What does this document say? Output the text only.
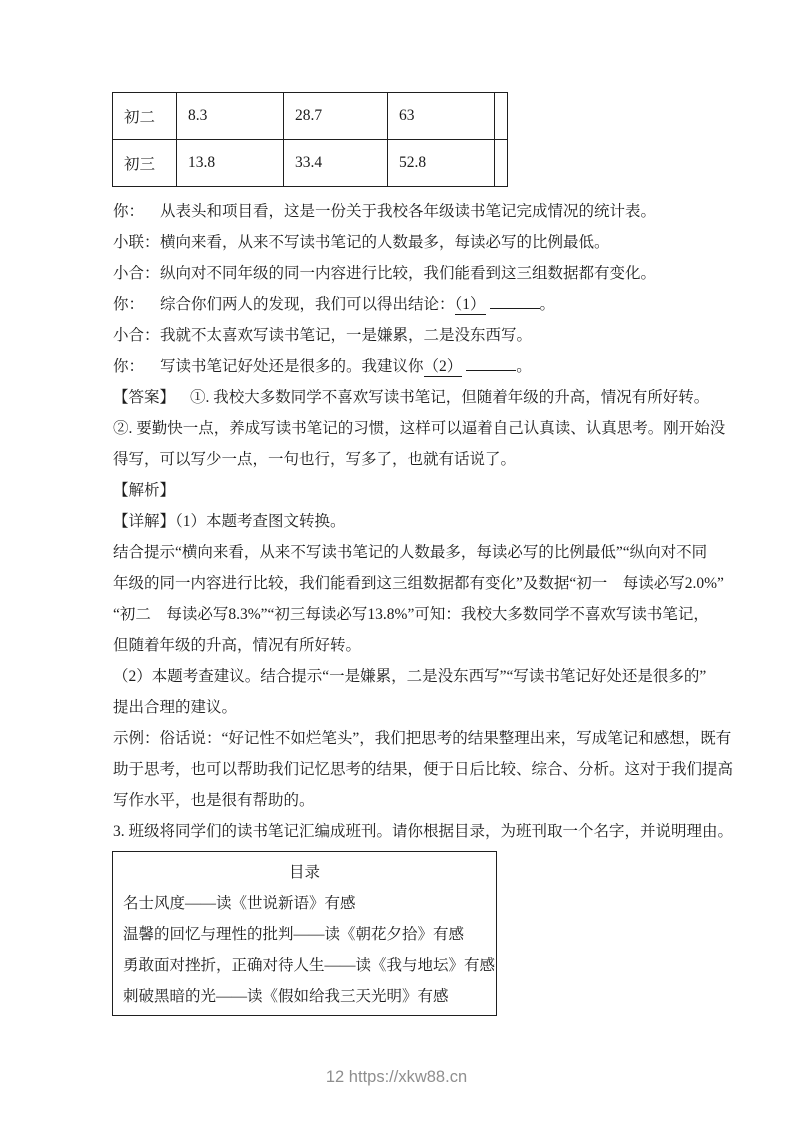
初二	8.3	28.7	63	
初三	13.8	33.4	52.8	
你： 从表头和项目看，这是一份关于我校各年级读书笔记完成情况的统计表。
小联：横向来看，从来不写读书笔记的人数最多，每读必写的比例最低。
小合：纵向对不同年级的同一内容进行比较，我们能看到这三组数据都有变化。
你： 综合你们两人的发现，我们可以得出结论：（1）	。
小合：我就不太喜欢写读书笔记，一是嫌累，二是没东西写。
你： 写读书笔记好处还是很多的。我建议你（2）	。
【答案】 ①. 我校大多数同学不喜欢写读书笔记，但随着年级的升高，情况有所好转。
②. 要勤快一点，养成写读书笔记的习惯，这样可以逼着自己认真读、认真思考。刚开始没
得写，可以写少一点，一句也行，写多了，也就有话说了。
【解析】
【详解】（1）本题考查图文转换。
结合提示“横向来看，从来不写读书笔记的人数最多，每读必写的比例最低”“纵向对不同
年级的同一内容进行比较，我们能看到这三组数据都有变化”及数据“初一　每读必写2.0%”
“初二　每读必写8.3%”“初三每读必写13.8%”可知：我校大多数同学不喜欢写读书笔记，
但随着年级的升高，情况有所好转。
（2）本题考查建议。结合提示“一是嫌累，二是没东西写”“写读书笔记好处还是很多的”
提出合理的建议。
示例：俗话说：“好记性不如烂笔头”，我们把思考的结果整理出来，写成笔记和感想，既有
助于思考，也可以帮助我们记忆思考的结果，便于日后比较、综合、分析。这对于我们提高
写作水平，也是很有帮助的。
3. 班级将同学们的读书笔记汇编成班刊。请你根据目录，为班刊取一个名字，并说明理由。
目录
名士风度——读《世说新语》有感
温馨的回忆与理性的批判——读《朝花夕拾》有感
勇敢面对挫折，正确对待人生——读《我与地坛》有感
刺破黑暗的光——读《假如给我三天光明》有感
12 https://xkw88.cn
